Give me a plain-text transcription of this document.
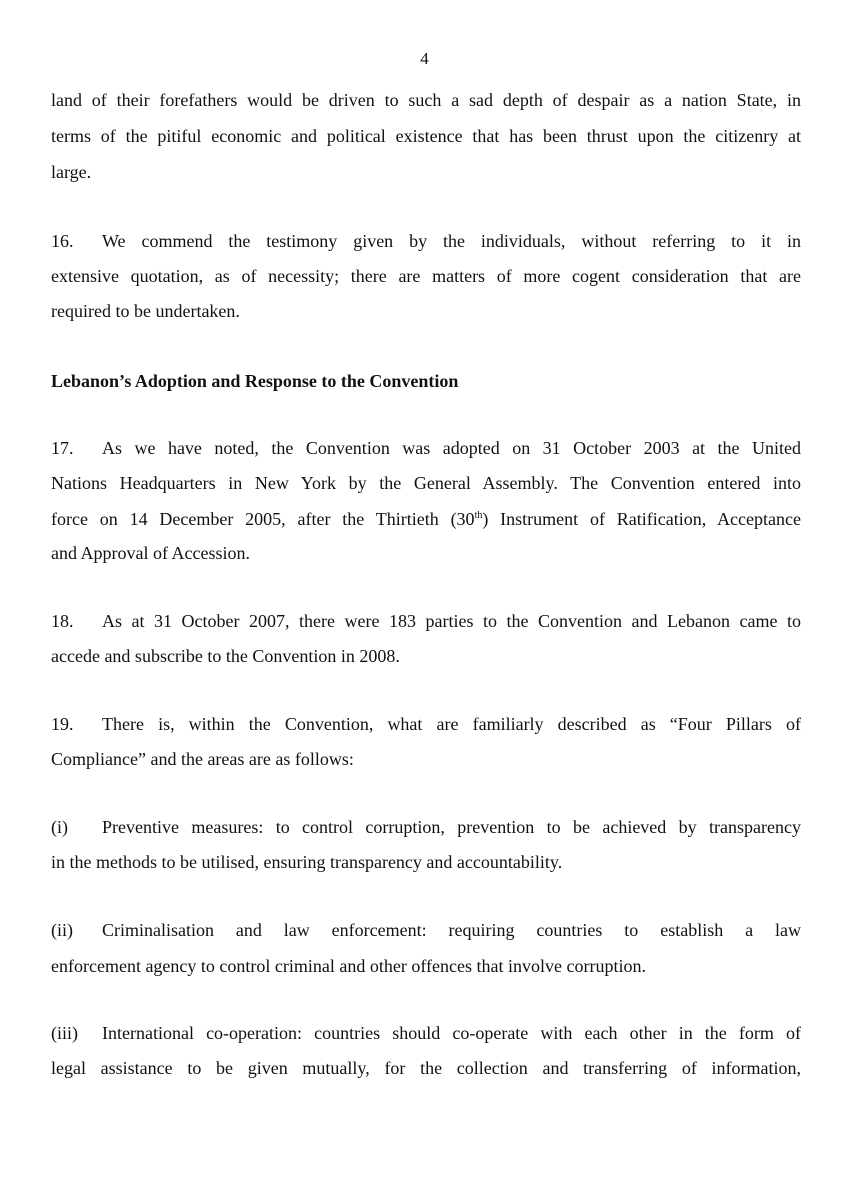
4
land of their forefathers would be driven to such a sad depth of despair as a nation State, in
terms of the pitiful economic and political existence that has been thrust upon the citizenry at
large.
16. We commend the testimony given by the individuals, without referring to it in
extensive quotation, as of necessity; there are matters of more cogent consideration that are
required to be undertaken.
Lebanon’s Adoption and Response to the Convention
17. As we have noted, the Convention was adopted on 31 October 2003 at the United
Nations Headquarters in New York by the General Assembly. The Convention entered into
force on 14 December 2005, after the Thirtieth (30th) Instrument of Ratification, Acceptance
and Approval of Accession.
18. As at 31 October 2007, there were 183 parties to the Convention and Lebanon came to
accede and subscribe to the Convention in 2008.
19. There is, within the Convention, what are familiarly described as “Four Pillars of
Compliance” and the areas are as follows:
(i) Preventive measures: to control corruption, prevention to be achieved by transparency
in the methods to be utilised, ensuring transparency and accountability.
(ii) Criminalisation and law enforcement: requiring countries to establish a law
enforcement agency to control criminal and other offences that involve corruption.
(iii) International co-operation: countries should co-operate with each other in the form of
legal assistance to be given mutually, for the collection and transferring of information,
